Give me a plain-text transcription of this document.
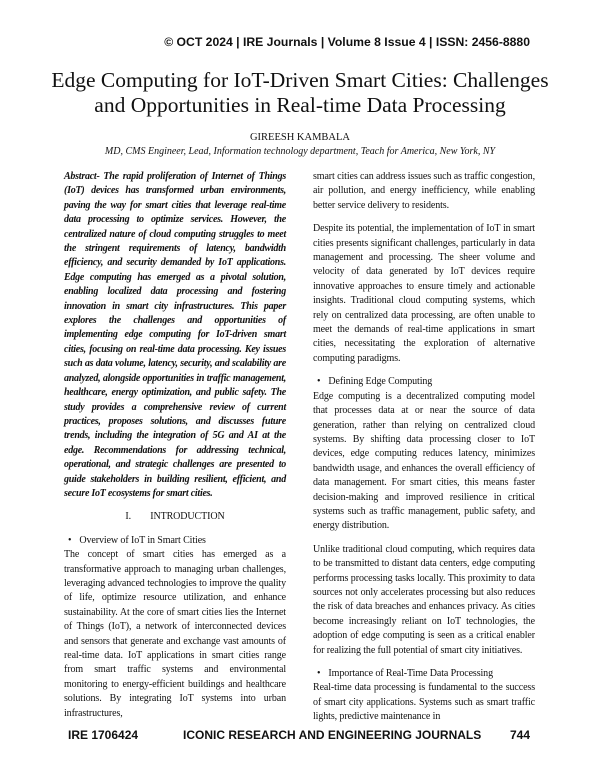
© OCT 2024 | IRE Journals | Volume 8 Issue 4 | ISSN: 2456-8880
Edge Computing for IoT-Driven Smart Cities: Challenges and Opportunities in Real-time Data Processing
GIREESH KAMBALA
MD, CMS Engineer, Lead, Information technology department, Teach for America, New York, NY

Abstract- The rapid proliferation of Internet of Things (IoT) devices has transformed urban environments, paving the way for smart cities that leverage real-time data processing to optimize services. However, the centralized nature of cloud computing struggles to meet the stringent requirements of latency, bandwidth efficiency, and security demanded by IoT applications. Edge computing has emerged as a pivotal solution, enabling localized data processing and fostering innovation in smart city infrastructures. This paper explores the challenges and opportunities of implementing edge computing for IoT-driven smart cities, focusing on real-time data processing. Key issues such as data volume, latency, security, and scalability are analyzed, alongside opportunities in traffic management, healthcare, energy optimization, and public safety. The study provides a comprehensive review of current practices, proposes solutions, and discusses future trends, including the integration of 5G and AI at the edge. Recommendations for addressing technical, operational, and strategic challenges are presented to guide stakeholders in building resilient, efficient, and secure IoT ecosystems for smart cities.

I.        INTRODUCTION

• Overview of IoT in Smart Cities

The concept of smart cities has emerged as a transformative approach to managing urban challenges, leveraging advanced technologies to improve the quality of life, optimize resource utilization, and enhance sustainability. At the core of smart cities lies the Internet of Things (IoT), a network of interconnected devices and sensors that generate and exchange vast amounts of real-time data. IoT applications in smart cities range from smart traffic systems and environmental monitoring to energy-efficient buildings and healthcare solutions. By integrating IoT systems into urban infrastructures,

smart cities can address issues such as traffic congestion, air pollution, and energy inefficiency, while enabling better service delivery to residents.

Despite its potential, the implementation of IoT in smart cities presents significant challenges, particularly in data management and processing. The sheer volume and velocity of data generated by IoT devices require innovative approaches to ensure timely and actionable insights. Traditional cloud computing systems, which rely on centralized data processing, are often unable to meet the demands of real-time applications in smart cities, necessitating the exploration of alternative computing paradigms.

• Defining Edge Computing

Edge computing is a decentralized computing model that processes data at or near the source of data generation, rather than relying on centralized cloud systems. By shifting data processing closer to IoT devices, edge computing reduces latency, minimizes bandwidth usage, and enhances the overall efficiency of data management. For smart cities, this means faster decision-making and improved resilience in critical systems such as traffic management, public safety, and energy distribution.

Unlike traditional cloud computing, which requires data to be transmitted to distant data centers, edge computing performs processing tasks locally. This proximity to data sources not only accelerates processing but also reduces the risk of data breaches and enhances privacy. As cities become increasingly reliant on IoT technologies, the adoption of edge computing is seen as a critical enabler for realizing the full potential of smart city initiatives.

• Importance of Real-Time Data Processing

Real-time data processing is fundamental to the success of smart city applications. Systems such as smart traffic lights, predictive maintenance in

IRE 1706424	ICONIC RESEARCH AND ENGINEERING JOURNALS 744
